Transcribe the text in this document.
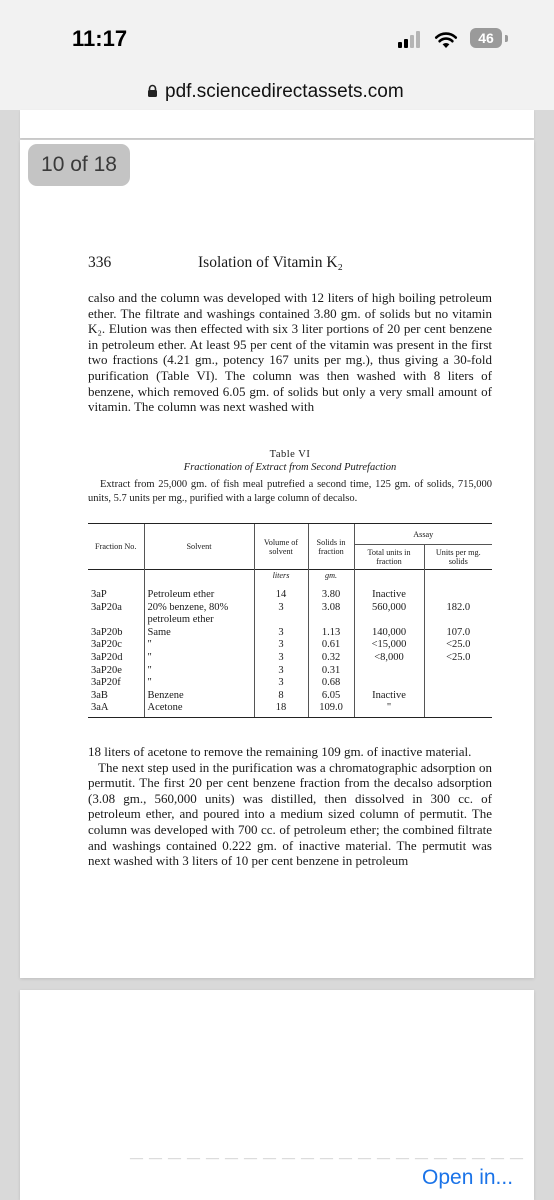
11:17	46
pdf.sciencedirectassets.com
336	Isolation of Vitamin K₂

calso and the column was developed with 12 liters of high boiling petroleum ether. The filtrate and washings contained 3.80 gm. of solids but no vitamin K₂. Elution was then effected with six 3 liter portions of 20 per cent benzene in petroleum ether. At least 95 per cent of the vitamin was present in the first two fractions (4.21 gm., potency 167 units per mg.), thus giving a 30-fold purification (Table VI). The column was then washed with 8 liters of benzene, which removed 6.05 gm. of solids but only a very small amount of vitamin. The column was next washed with

Table VI
Fractionation of Extract from Second Putrefaction
Extract from 25,000 gm. of fish meal putrefied a second time, 125 gm. of solids, 715,000 units, 5.7 units per mg., purified with a large column of decalso.
Fraction No.	Solvent	Volume of solvent	Solids in fraction	Assay	
				Total units in fraction	Units per mg. solids
		liters	gm.		

3aP	Petroleum ether	14	3.80	Inactive	
3aP20a	20% benzene, 80% petroleum ether	3	3.08	560,000	182.0
3aP20b	Same	3	1.13	140,000	107.0
3aP20c	"	3	0.61	<15,000	<25.0
3aP20d	"	3	0.32	<8,000	<25.0
3aP20e	"	3	0.31		
3aP20f	"	3	0.68		
3aB	Benzene	8	6.05	Inactive	
3aA	Acetone	18	109.0	"	

18 liters of acetone to remove the remaining 109 gm. of inactive material.

The next step used in the purification was a chromatographic adsorption on permutit. The first 20 per cent benzene fraction from the decalso adsorption (3.08 gm., 560,000 units) was distilled, then dissolved in 300 cc. of petroleum ether, and poured into a medium sized column of permutit. The column was developed with 700 cc. of petroleum ether; the combined filtrate and washings contained 0.222 gm. of inactive material. The permutit was next washed with 3 liters of 10 per cent benzene in petroleum

10 of 18
—————————————————————
Open in...
